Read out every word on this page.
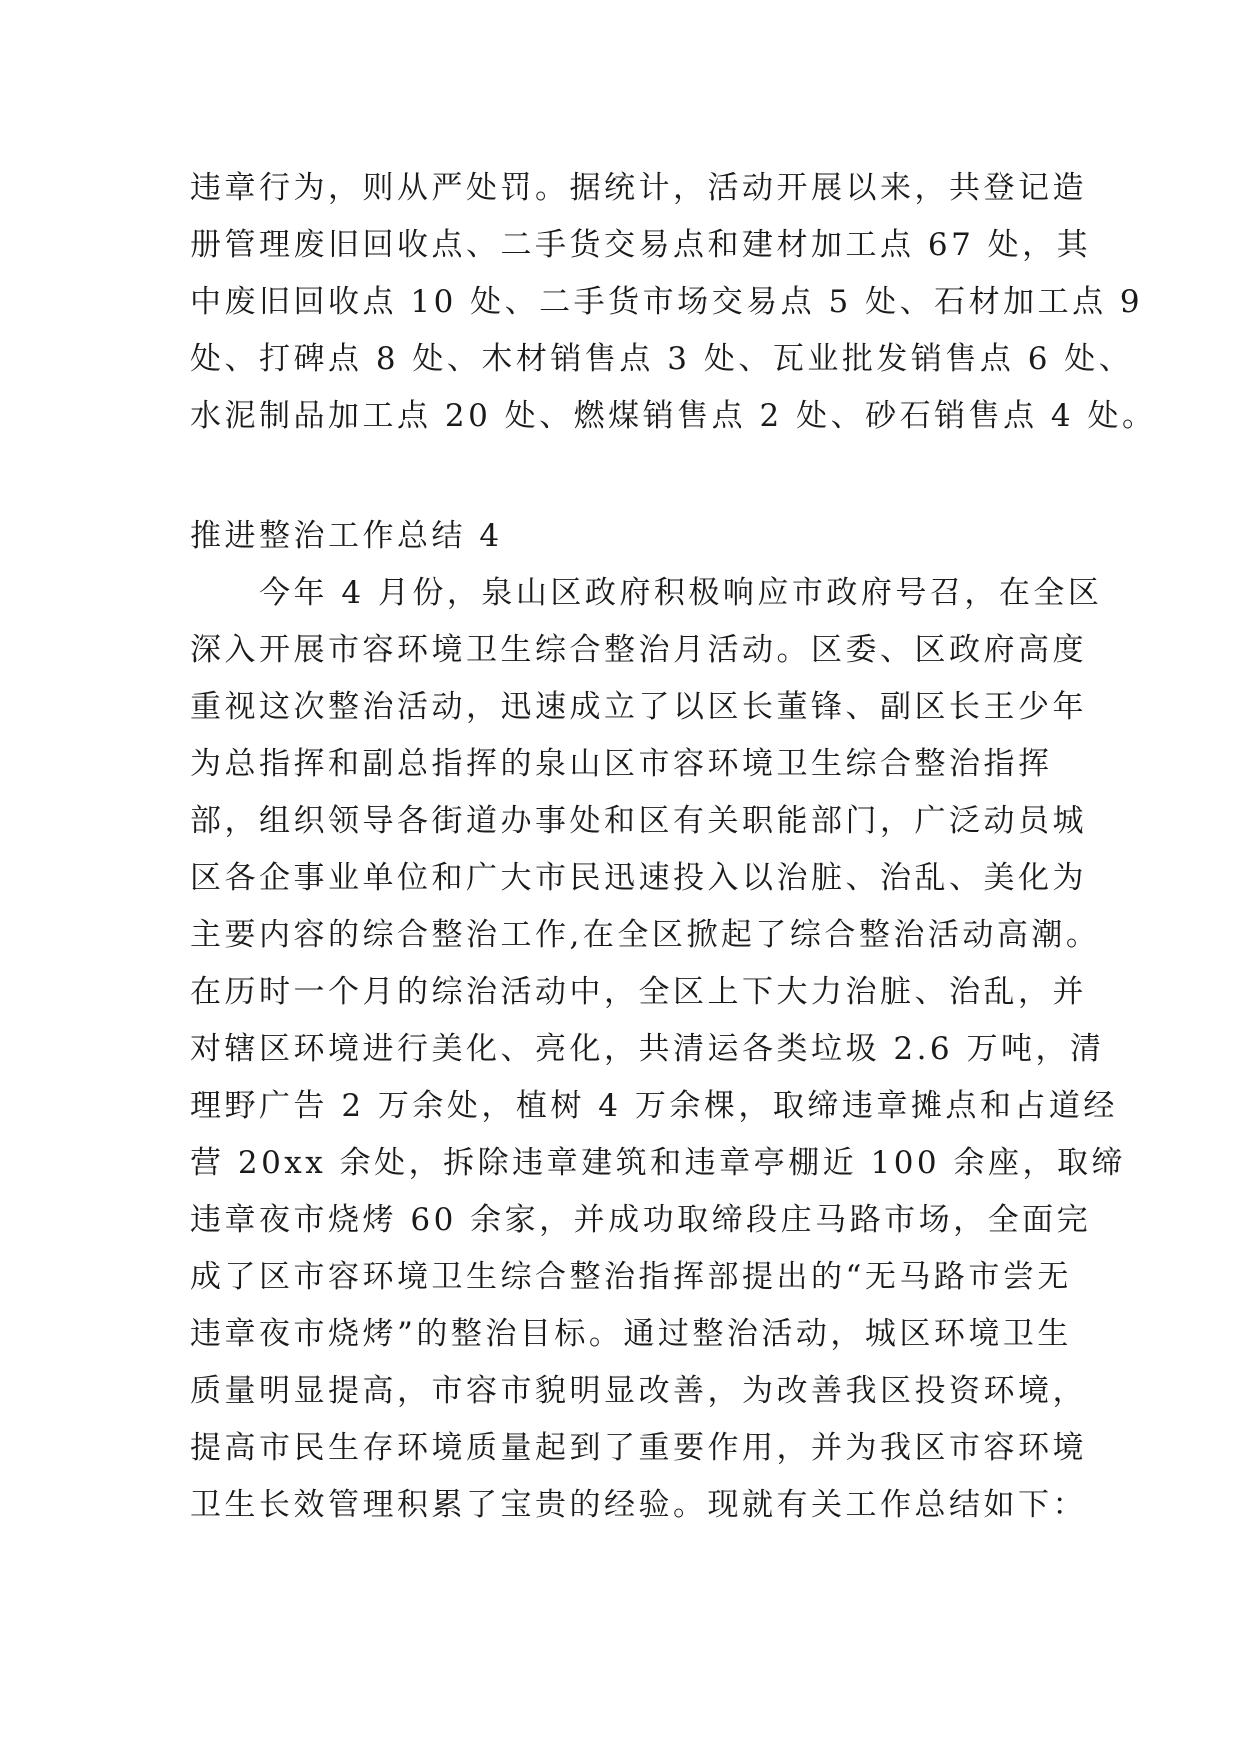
违章行为，则从严处罚。据统计，活动开展以来，共登记造
册管理废旧回收点、二手货交易点和建材加工点 67 处，其
中废旧回收点 10 处、二手货市场交易点 5 处、石材加工点 9
处、打碑点 8 处、木材销售点 3 处、瓦业批发销售点 6 处、
水泥制品加工点 20 处、燃煤销售点 2 处、砂石销售点 4 处。
推进整治工作总结 4
　　今年 4 月份，泉山区政府积极响应市政府号召，在全区
深入开展市容环境卫生综合整治月活动。区委、区政府高度
重视这次整治活动，迅速成立了以区长董锋、副区长王少年
为总指挥和副总指挥的泉山区市容环境卫生综合整治指挥
部，组织领导各街道办事处和区有关职能部门，广泛动员城
区各企事业单位和广大市民迅速投入以治脏、治乱、美化为
主要内容的综合整治工作,在全区掀起了综合整治活动高潮。
在历时一个月的综治活动中，全区上下大力治脏、治乱，并
对辖区环境进行美化、亮化，共清运各类垃圾 2.6 万吨，清
理野广告 2 万余处，植树 4 万余棵，取缔违章摊点和占道经
营 20xx 余处，拆除违章建筑和违章亭棚近 100 余座，取缔
违章夜市烧烤 60 余家，并成功取缔段庄马路市场，全面完
成了区市容环境卫生综合整治指挥部提出的“无马路市尝无
违章夜市烧烤”的整治目标。通过整治活动，城区环境卫生
质量明显提高，市容市貌明显改善，为改善我区投资环境，
提高市民生存环境质量起到了重要作用，并为我区市容环境
卫生长效管理积累了宝贵的经验。现就有关工作总结如下：
